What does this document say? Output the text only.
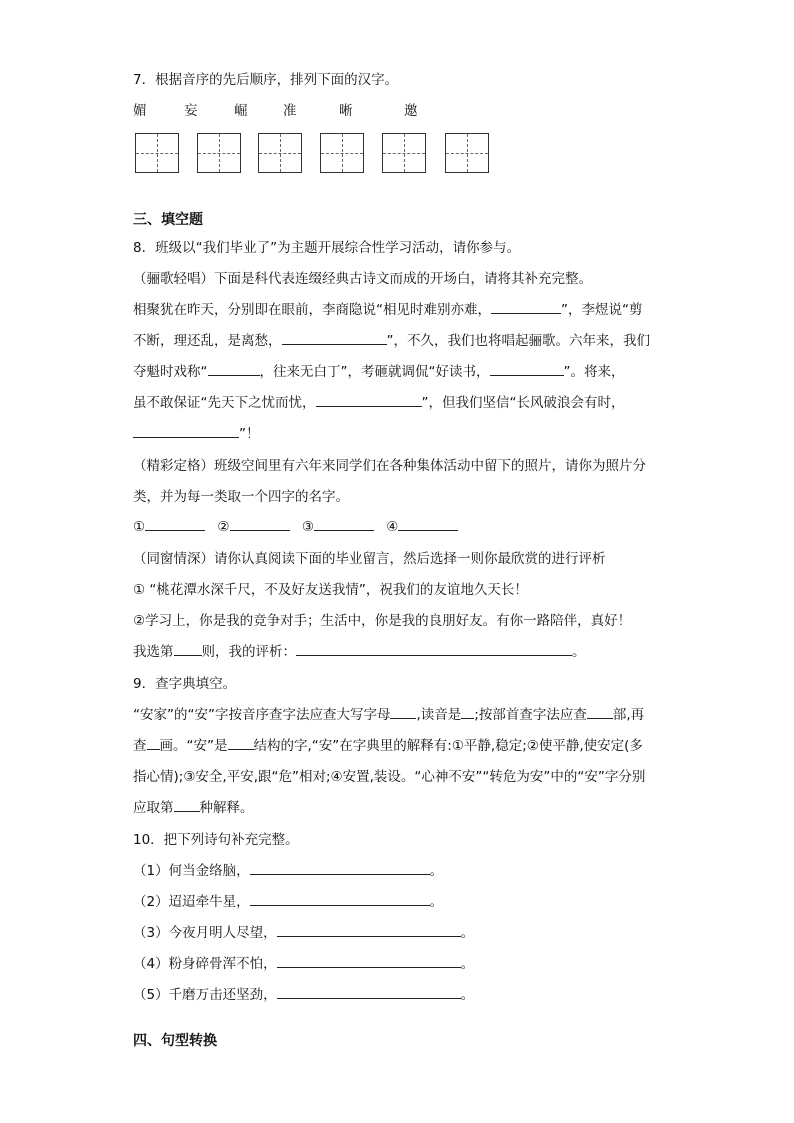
7．根据音序的先后顺序，排列下面的汉字。
媚	妄	崛	准	晰	邀
三、填空题
8．班级以“我们毕业了”为主题开展综合性学习活动，请你参与。
（骊歌轻唱）下面是科代表连缀经典古诗文而成的开场白，请将其补充完整。
相聚犹在昨天，分别即在眼前，李商隐说“相见时难别亦难，	”，李煜说“剪
不断，理还乱，是离愁，	”，不久，我们也将唱起骊歌。六年来，我们
夺魁时戏称“	，往来无白丁”，考砸就调侃“好读书，	”。将来，
虽不敢保证“先天下之忧而忧，	”，但我们坚信“长风破浪会有时，
”！
（精彩定格）班级空间里有六年来同学们在各种集体活动中留下的照片，请你为照片分
类，并为每一类取一个四字的名字。
①	②	③	④
（同窗情深）请你认真阅读下面的毕业留言，然后选择一则你最欣赏的进行评析
① “桃花潭水深千尺，不及好友送我情”，祝我们的友谊地久天长！
②学习上，你是我的竞争对手；生活中，你是我的良朋好友。有你一路陪伴，真好！
我选第 则，我的评析：	。
9．查字典填空。
“安家”的“安”字按音序查字法应查大写字母 ,读音是 ;按部首查字法应查 部,再
查 画。“安”是 结构的字,“安”在字典里的解释有:①平静,稳定;②使平静,使安定(多
指心情);③安全,平安,跟“危”相对;④安置,装设。“心神不安”“转危为安”中的“安”字分别
应取第 种解释。
10．把下列诗句补充完整。
（1）何当金络脑，	。
（2）迢迢牵牛星，	。
（3）今夜月明人尽望，	。
（4）粉身碎骨浑不怕，	。
（5）千磨万击还坚劲，	。
四、句型转换
